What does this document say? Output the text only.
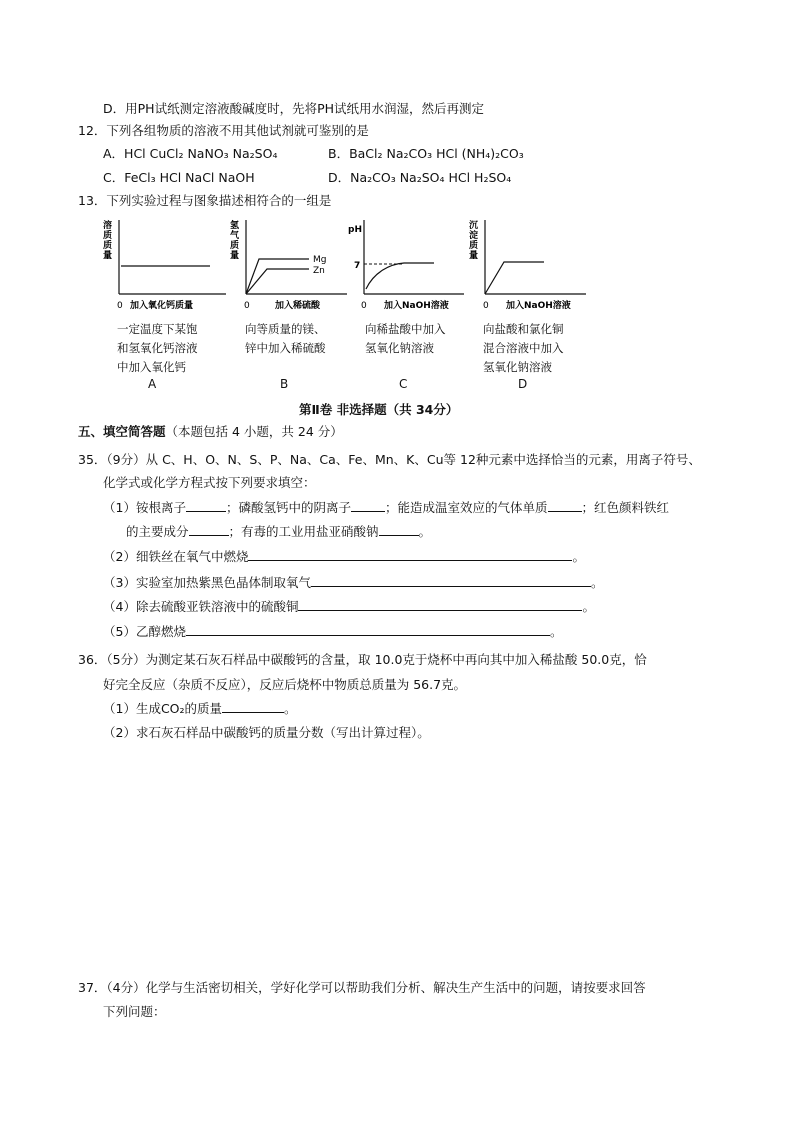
D．用PH试纸测定溶液酸碱度时，先将PH试纸用水润湿，然后再测定
12．下列各组物质的溶液不用其他试剂就可鉴别的是
A．HCl CuCl₂ NaNO₃ Na₂SO₄	B．BaCl₂ Na₂CO₃ HCl (NH₄)₂CO₃
C．FeCl₃ HCl NaCl NaOH	D．Na₂CO₃ Na₂SO₄ HCl H₂SO₄
13．下列实验过程与图象描述相符合的一组是
溶
质
质
量
0 加入氧化钙质量
一定温度下某饱
和氢氧化钙溶液
中加入氧化钙
A
氢
气
质
量	Mg
Zn
0	加入稀硫酸
向等质量的镁、
锌中加入稀硫酸
B
pH
7
0 加入NaOH溶液
向稀盐酸中加入
氢氧化钠溶液
C
沉
淀
质
量
0 加入NaOH溶液
向盐酸和氯化铜
混合溶液中加入
氢氧化钠溶液
D
第Ⅱ卷 非选择题（共 34分）
五、填空简答题（本题包括 4 小题，共 24 分）
35．（9分）从 C、H、O、N、S、P、Na、Ca、Fe、Mn、K、Cu等 12种元素中选择恰当的元素，用离子符号、
化学式或化学方程式按下列要求填空：
（1）铵根离子	；磷酸氢钙中的阴离子	；能造成温室效应的气体单质	；红色颜料铁红
的主要成分	；有毒的工业用盐亚硝酸钠	。
（2）细铁丝在氧气中燃烧	。
（3）实验室加热紫黑色晶体制取氧气	。
（4）除去硫酸亚铁溶液中的硫酸铜	。
（5）乙醇燃烧	。
36．（5分）为测定某石灰石样品中碳酸钙的含量，取 10.0克于烧杯中再向其中加入稀盐酸 50.0克，恰
好完全反应（杂质不反应），反应后烧杯中物质总质量为 56.7克。
（1）生成CO₂的质量	。
（2）求石灰石样品中碳酸钙的质量分数（写出计算过程）。
37．（4分）化学与生活密切相关，学好化学可以帮助我们分析、解决生产生活中的问题，请按要求回答
下列问题：
